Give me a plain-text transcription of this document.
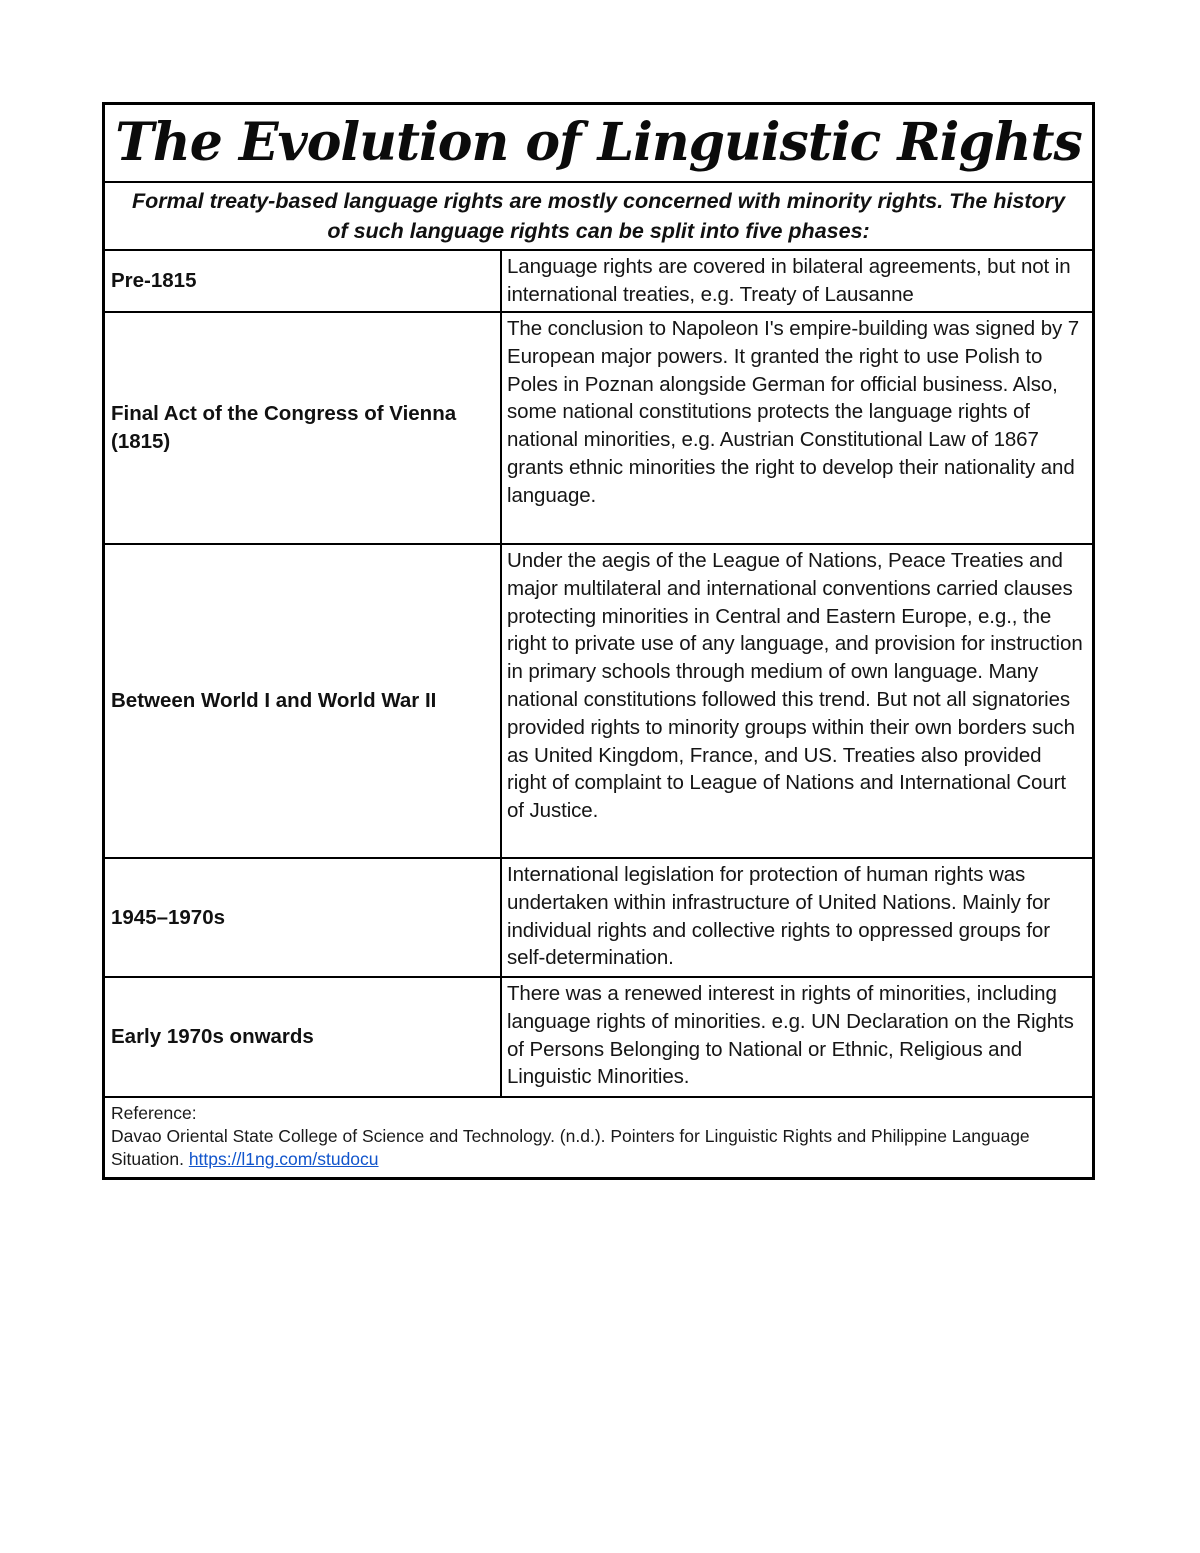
The Evolution of Linguistic Rights
Formal treaty-based language rights are mostly concerned with minority rights. The history of such language rights can be split into five phases:
Pre-1815
Language rights are covered in bilateral agreements, but not in international treaties, e.g. Treaty of Lausanne
Final Act of the Congress of Vienna (1815)
The conclusion to Napoleon I's empire-building was signed by 7 European major powers. It granted the right to use Polish to Poles in Poznan alongside German for official business. Also, some national constitutions protects the language rights of national minorities, e.g. Austrian Constitutional Law of 1867 grants ethnic minorities the right to develop their nationality and language.
Between World I and World War II
Under the aegis of the League of Nations, Peace Treaties and major multilateral and international conventions carried clauses protecting minorities in Central and Eastern Europe, e.g., the right to private use of any language, and provision for instruction in primary schools through medium of own language. Many national constitutions followed this trend. But not all signatories provided rights to minority groups within their own borders such as United Kingdom, France, and US. Treaties also provided right of complaint to League of Nations and International Court of Justice.
1945–1970s
International legislation for protection of human rights was undertaken within infrastructure of United Nations. Mainly for individual rights and collective rights to oppressed groups for self-determination.
Early 1970s onwards
There was a renewed interest in rights of minorities, including language rights of minorities. e.g. UN Declaration on the Rights of Persons Belonging to National or Ethnic, Religious and Linguistic Minorities.
Reference:
Davao Oriental State College of Science and Technology. (n.d.). Pointers for Linguistic Rights and Philippine Language Situation. https://l1ng.com/studocu
